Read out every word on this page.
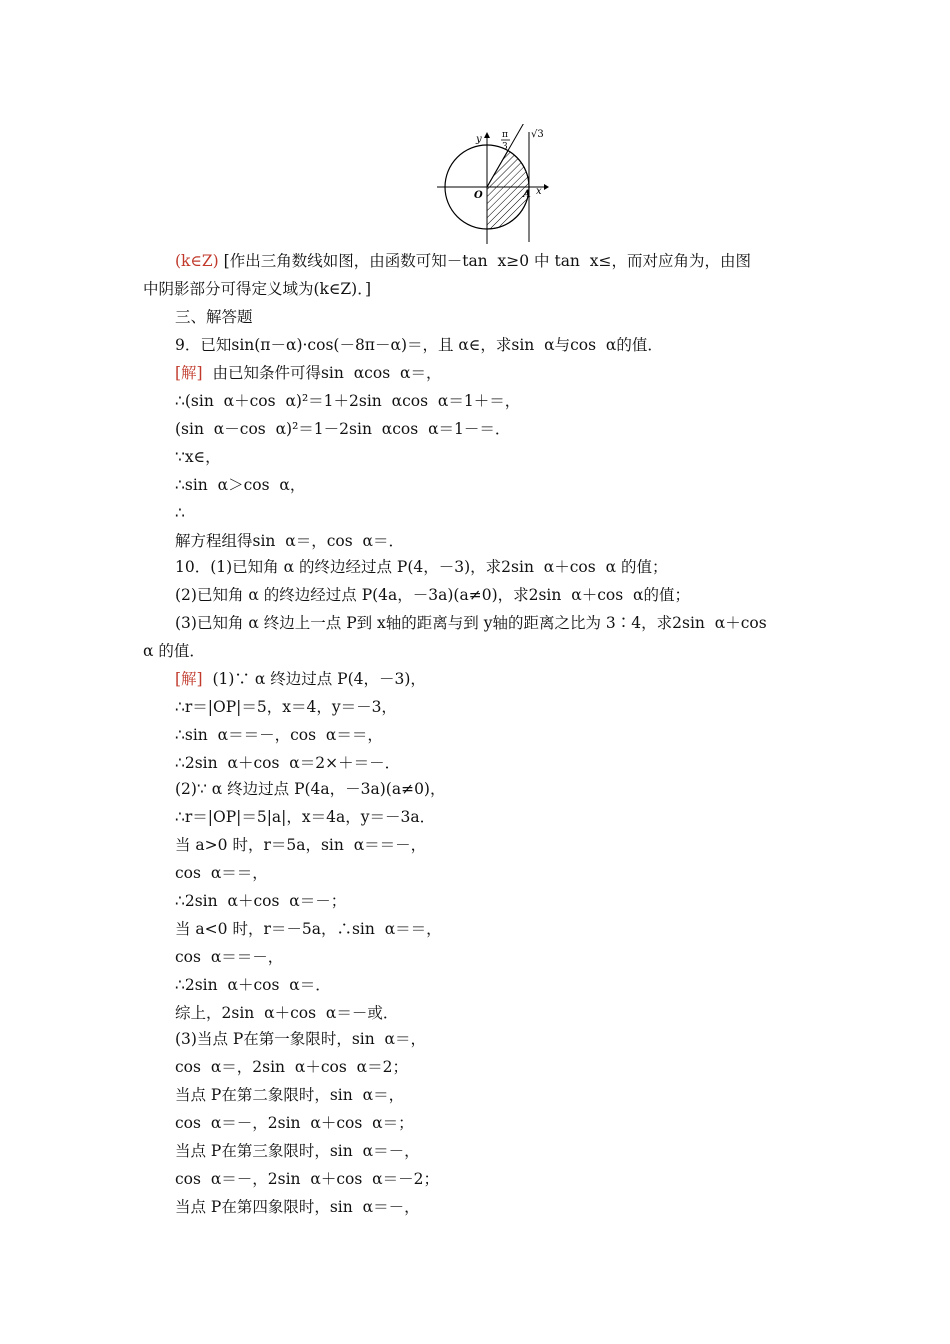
y π
3
√3
O	A x
(k∈Z) [作出三角数线如图，由函数可知－tan  x≥0 中 tan  x≤，而对应角为，由图
中阴影部分可得定义域为(k∈Z)．]
三、解答题
9．已知sin(π－α)·cos(－8π－α)＝，且 α∈，求sin  α与cos  α的值．
[解]  由已知条件可得sin  αcos  α＝，
∴(sin  α＋cos  α)²＝1＋2sin  αcos  α＝1＋＝，
(sin  α－cos  α)²＝1－2sin  αcos  α＝1－＝．
∵x∈，
∴sin  α＞cos  α，
∴
解方程组得sin  α＝，cos  α＝．
10．(1)已知角 α 的终边经过点 P(4，－3)，求2sin  α＋cos  α 的值；
(2)已知角 α 的终边经过点 P(4a，－3a)(a≠0)，求2sin  α＋cos  α的值；
(3)已知角 α 终边上一点 P到 x轴的距离与到 y轴的距离之比为 3∶4，求2sin  α＋cos
α 的值．
[解]  (1)∵ α 终边过点 P(4，－3)，
∴r＝|OP|＝5，x＝4，y＝－3，
∴sin  α＝＝－，cos  α＝＝，
∴2sin  α＋cos  α＝2×＋＝－．
(2)∵ α 终边过点 P(4a，－3a)(a≠0)，
∴r＝|OP|＝5|a|，x＝4a，y＝－3a．
当 a>0 时，r＝5a，sin  α＝＝－，
cos  α＝＝，
∴2sin  α＋cos  α＝－；
当 a<0 时，r＝－5a，∴sin  α＝＝，
cos  α＝＝－，
∴2sin  α＋cos  α＝．
综上，2sin  α＋cos  α＝－或．
(3)当点 P在第一象限时，sin  α＝，
cos  α＝，2sin  α＋cos  α＝2；
当点 P在第二象限时，sin  α＝，
cos  α＝－，2sin  α＋cos  α＝；
当点 P在第三象限时，sin  α＝－，
cos  α＝－，2sin  α＋cos  α＝－2；
当点 P在第四象限时，sin  α＝－，
